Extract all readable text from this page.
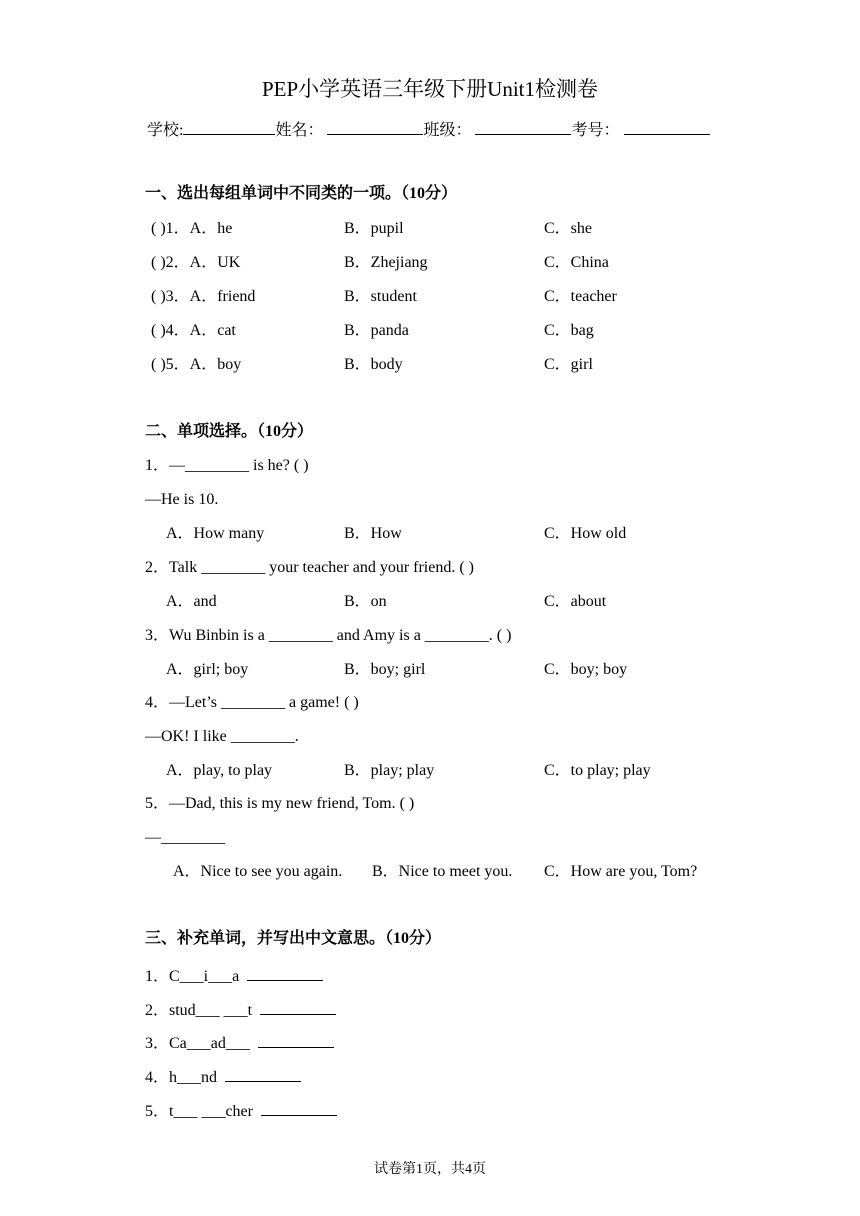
PEP小学英语三年级下册Unit1检测卷
学校:	姓名：	班级：	考号：
一、选出每组单词中不同类的一项。（10分）
( )1．A．he	B．pupil	C．she
( )2．A．UK	B．Zhejiang	C．China
( )3．A．friend	B．student	C．teacher
( )4．A．cat	B．panda	C．bag
( )5．A．boy	B．body	C．girl
二、单项选择。（10分）
1．—________ is he? ( )
—He is 10.
A．How many	B．How	C．How old
2．Talk ________ your teacher and your friend. ( )
A．and	B．on	C．about
3．Wu Binbin is a ________ and Amy is a ________. ( )
A．girl; boy	B．boy; girl	C．boy; boy
4．—Let’s ________ a game! ( )
—OK! I like ________.
A．play, to play	B．play; play	C．to play; play
5．—Dad, this is my new friend, Tom. ( )
—________
A．Nice to see you again. B．Nice to meet you. C．How are you, Tom?
三、补充单词，并写出中文意思。（10分）
1．C___i___a
2．stud___ ___t
3．Ca___ad___
4．h___nd
5．t___ ___cher
试卷第1页，共4页
